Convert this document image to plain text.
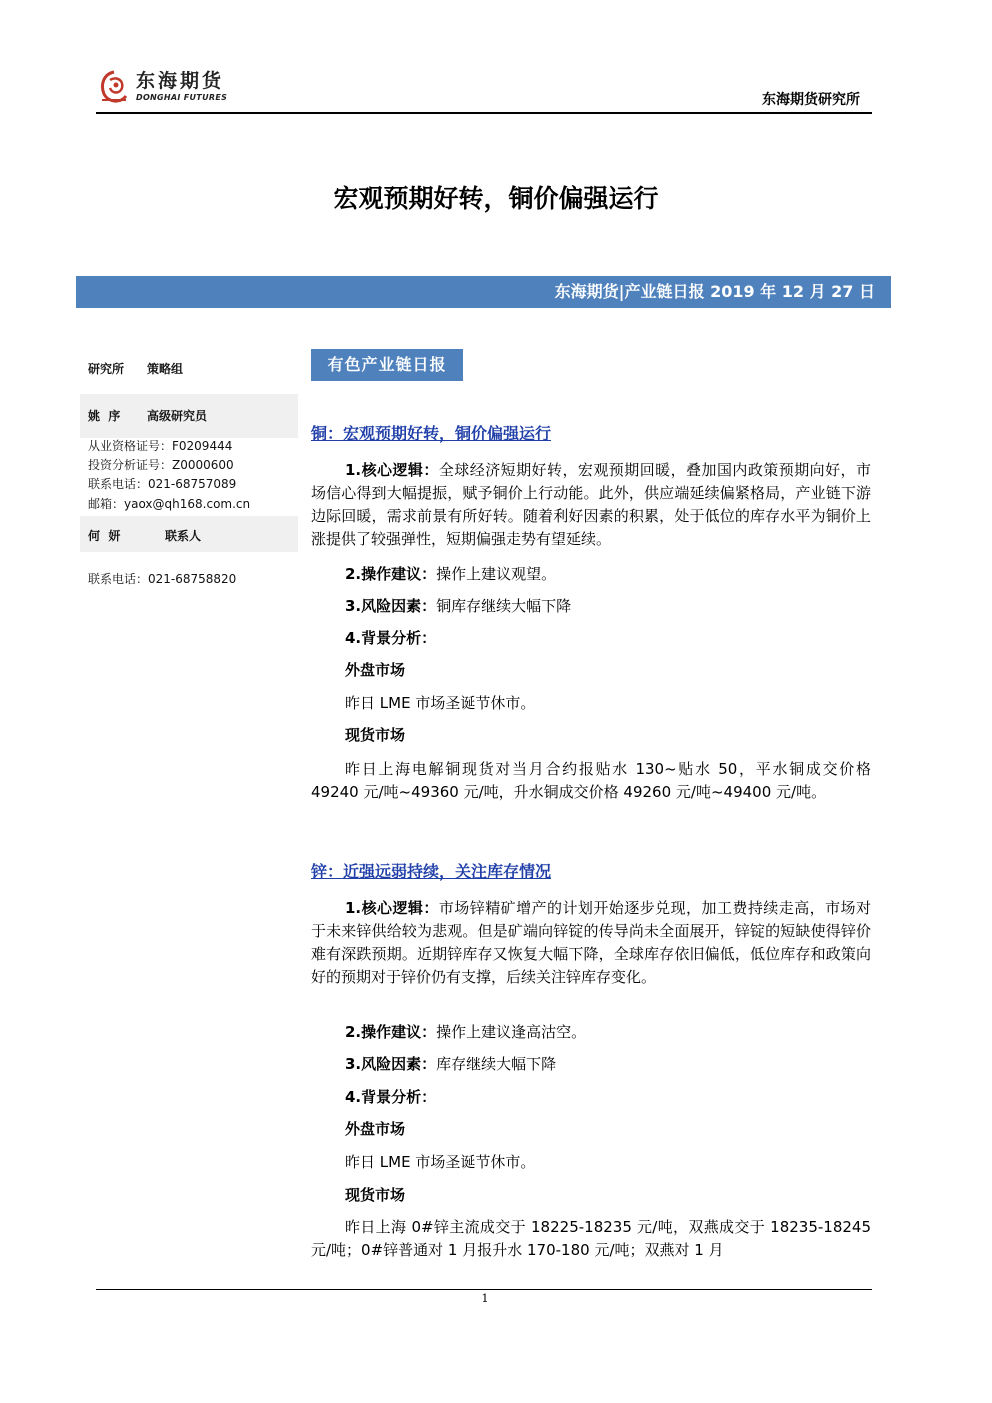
东海期货
DONGHAI FUTURES	东海期货研究所
宏观预期好转，铜价偏强运行
东海期货|产业链日报 2019 年 12 月 27 日
研究所 策略组
姚  序 高级研究员
从业资格证号：F0209444
投资分析证号：Z0000600
联系电话：021-68757089
邮箱：yaox@qh168.com.cn
何  妍	联系人
联系电话：021-68758820
有色产业链日报
铜：宏观预期好转，铜价偏强运行
1.核心逻辑：全球经济短期好转，宏观预期回暖，叠加国内政策预期向好，市场信心得到大幅提振，赋予铜价上行动能。此外，供应端延续偏紧格局，产业链下游边际回暖，需求前景有所好转。随着利好因素的积累，处于低位的库存水平为铜价上涨提供了较强弹性，短期偏强走势有望延续。
2.操作建议：操作上建议观望。
3.风险因素：铜库存继续大幅下降
4.背景分析：
外盘市场
昨日 LME 市场圣诞节休市。
现货市场
昨日上海电解铜现货对当月合约报贴水 130~贴水 50，平水铜成交价格 49240 元/吨~49360 元/吨，升水铜成交价格 49260 元/吨~49400 元/吨。
锌：近强远弱持续，关注库存情况
1.核心逻辑：市场锌精矿增产的计划开始逐步兑现，加工费持续走高，市场对于未来锌供给较为悲观。但是矿端向锌锭的传导尚未全面展开，锌锭的短缺使得锌价难有深跌预期。近期锌库存又恢复大幅下降，全球库存依旧偏低，低位库存和政策向好的预期对于锌价仍有支撑，后续关注锌库存变化。
2.操作建议：操作上建议逢高沽空。
3.风险因素：库存继续大幅下降
4.背景分析：
外盘市场
昨日 LME 市场圣诞节休市。
现货市场
昨日上海 0#锌主流成交于 18225-18235 元/吨，双燕成交于 18235-18245 元/吨；0#锌普通对 1 月报升水 170-180 元/吨；双燕对 1 月
1
